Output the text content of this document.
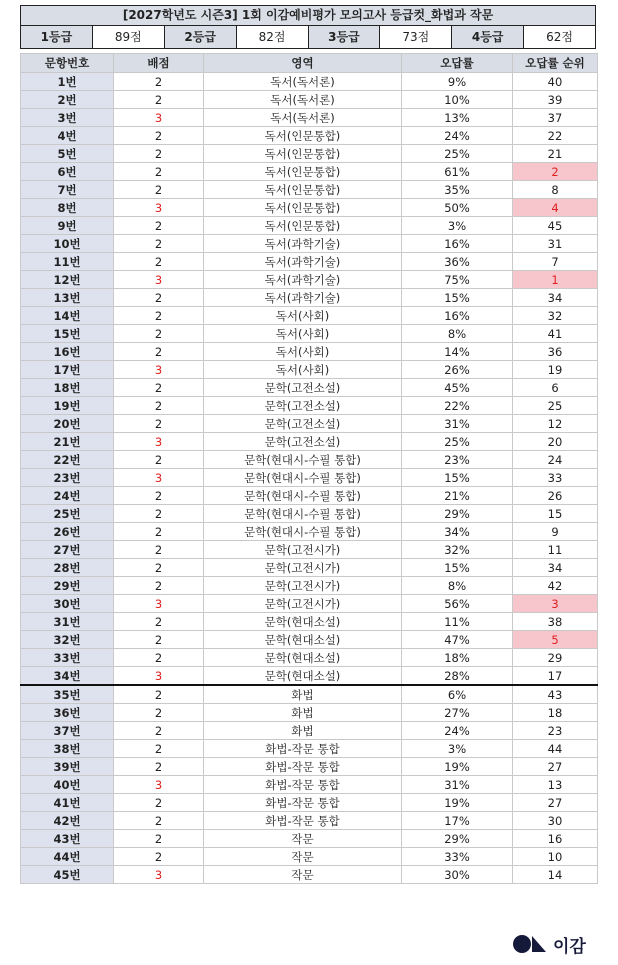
[2027학년도 시즌3] 1회 이감예비평가 모의고사 등급컷_화법과 작문
1등급	89점	2등급	82점	3등급	73점	4등급	62점
문항번호	배점	영역	오답률	오답률 순위
1번	2	독서(독서론)	9%	40
2번	2	독서(독서론)	10%	39
3번	3	독서(독서론)	13%	37
4번	2	독서(인문통합)	24%	22
5번	2	독서(인문통합)	25%	21
6번	2	독서(인문통합)	61%	2
7번	2	독서(인문통합)	35%	8
8번	3	독서(인문통합)	50%	4
9번	2	독서(인문통합)	3%	45
10번	2	독서(과학기술)	16%	31
11번	2	독서(과학기술)	36%	7
12번	3	독서(과학기술)	75%	1
13번	2	독서(과학기술)	15%	34
14번	2	독서(사회)	16%	32
15번	2	독서(사회)	8%	41
16번	2	독서(사회)	14%	36
17번	3	독서(사회)	26%	19
18번	2	문학(고전소설)	45%	6
19번	2	문학(고전소설)	22%	25
20번	2	문학(고전소설)	31%	12
21번	3	문학(고전소설)	25%	20
22번	2	문학(현대시-수필 통합)	23%	24
23번	3	문학(현대시-수필 통합)	15%	33
24번	2	문학(현대시-수필 통합)	21%	26
25번	2	문학(현대시-수필 통합)	29%	15
26번	2	문학(현대시-수필 통합)	34%	9
27번	2	문학(고전시가)	32%	11
28번	2	문학(고전시가)	15%	34
29번	2	문학(고전시가)	8%	42
30번	3	문학(고전시가)	56%	3
31번	2	문학(현대소설)	11%	38
32번	2	문학(현대소설)	47%	5
33번	2	문학(현대소설)	18%	29
34번	3	문학(현대소설)	28%	17
35번	2	화법	6%	43
36번	2	화법	27%	18
37번	2	화법	24%	23
38번	2	화법-작문 통합	3%	44
39번	2	화법-작문 통합	19%	27
40번	3	화법-작문 통합	31%	13
41번	2	화법-작문 통합	19%	27
42번	2	화법-작문 통합	17%	30
43번	2	작문	29%	16
44번	2	작문	33%	10
45번	3	작문	30%	14
이감
